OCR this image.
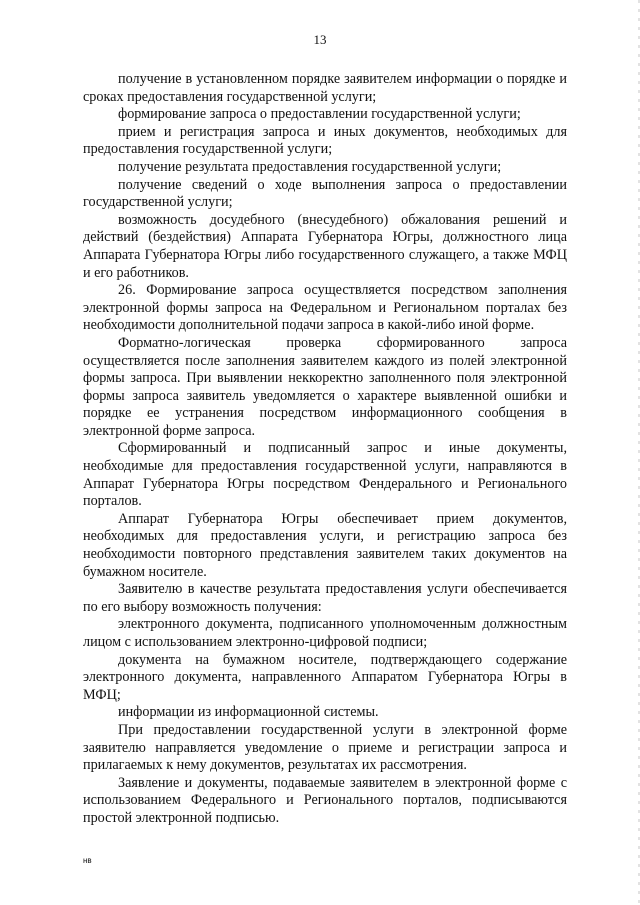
13

получение в установленном порядке заявителем информации о порядке и сроках предоставления государственной услуги;

формирование запроса о предоставлении государственной услуги;

прием и регистрация запроса и иных документов, необходимых для предоставления государственной услуги;

получение результата предоставления государственной услуги;

получение сведений о ходе выполнения запроса о предоставлении государственной услуги;

возможность досудебного (внесудебного) обжалования решений и действий (бездействия) Аппарата Губернатора Югры, должностного лица Аппарата Губернатора Югры либо государственного служащего, а также МФЦ и его работников.

26. Формирование запроса осуществляется посредством заполнения электронной формы запроса на Федеральном и Региональном порталах без необходимости дополнительной подачи запроса в какой-либо иной форме.

Форматно-логическая проверка сформированного запроса осуществляется после заполнения заявителем каждого из полей электронной формы запроса. При выявлении неккоректно заполненного поля электронной формы запроса заявитель уведомляется о характере выявленной ошибки и порядке ее устранения посредством информационного сообщения в электронной форме запроса.

Сформированный и подписанный запрос и иные документы, необходимые для предоставления государственной услуги, направляются в Аппарат Губернатора Югры посредством Фендерального и Регионального порталов.

Аппарат Губернатора Югры обеспечивает прием документов, необходимых для предоставления услуги, и регистрацию запроса без необходимости повторного представления заявителем таких документов на бумажном носителе.

Заявителю в качестве результата предоставления услуги обеспечивается по его выбору возможность получения:

электронного документа, подписанного уполномоченным должностным лицом с использованием электронно-цифровой подписи;

документа на бумажном носителе, подтверждающего содержание электронного документа, направленного Аппаратом Губернатора Югры в МФЦ;

информации из информационной системы.

При предоставлении государственной услуги в электронной форме заявителю направляется уведомление о приеме и регистрации запроса и прилагаемых к нему документов, результатах их рассмотрения.

Заявление и документы, подаваемые заявителем в электронной форме с использованием Федерального и Регионального порталов, подписываются простой электронной подписью.

нв
